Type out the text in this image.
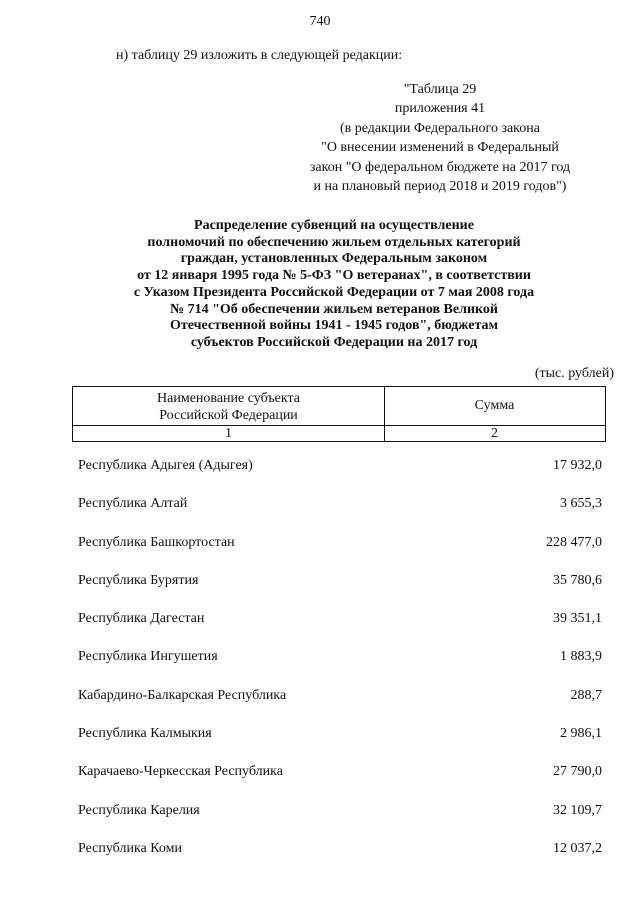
740
н) таблицу 29 изложить в следующей редакции:
"Таблица 29
приложения 41
(в редакции Федерального закона
"О внесении изменений в Федеральный
закон "О федеральном бюджете на 2017 год
и на плановый период 2018 и 2019 годов")
Распределение субвенций на осуществление
полномочий по обеспечению жильем отдельных категорий
граждан, установленных Федеральным законом
от 12 января 1995 года № 5-ФЗ "О ветеранах", в соответствии
с Указом Президента Российской Федерации от 7 мая 2008 года
№ 714 "Об обеспечении жильем ветеранов Великой
Отечественной войны 1941 - 1945 годов", бюджетам
субъектов Российской Федерации на 2017 год
(тыс. рублей)
Наименование субъекта
Российской Федерации
Сумма
1	2
Республика Адыгея (Адыгея)	17 932,0
Республика Алтай	3 655,3
Республика Башкортостан	228 477,0
Республика Бурятия	35 780,6
Республика Дагестан	39 351,1
Республика Ингушетия	1 883,9
Кабардино-Балкарская Республика	288,7
Республика Калмыкия	2 986,1
Карачаево-Черкесская Республика	27 790,0
Республика Карелия	32 109,7
Республика Коми	12 037,2
